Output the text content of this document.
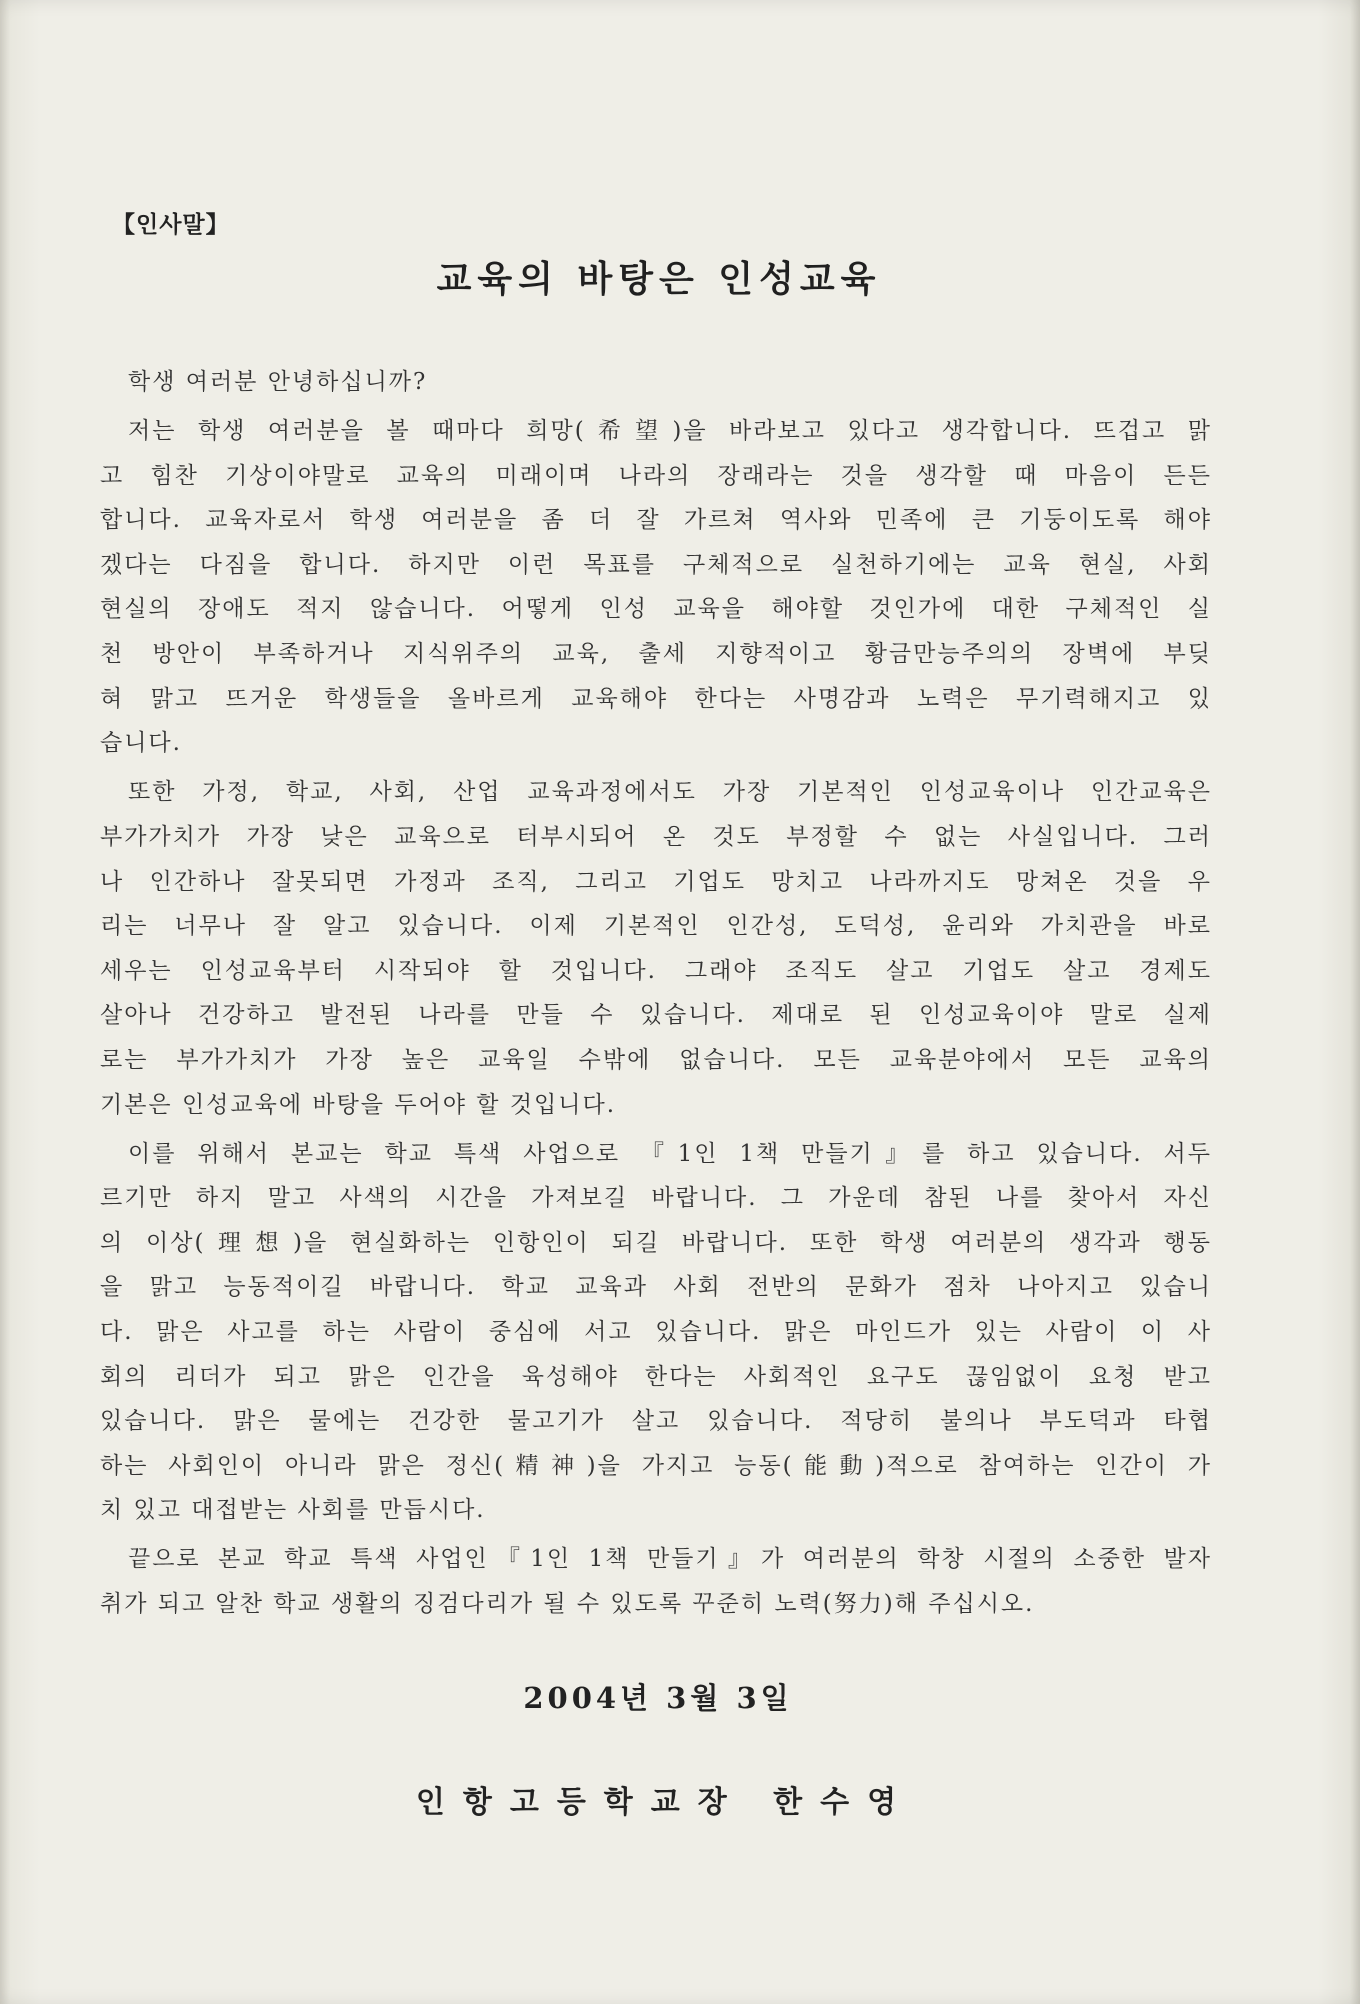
【인사말】
교육의 바탕은 인성교육
학생 여러분 안녕하십니까?
저는 학생 여러분을 볼 때마다 희망(希望)을 바라보고 있다고 생각합니다. 뜨겁고 맑
고 힘찬 기상이야말로 교육의 미래이며 나라의 장래라는 것을 생각할 때 마음이 든든
합니다. 교육자로서 학생 여러분을 좀 더 잘 가르쳐 역사와 민족에 큰 기둥이도록 해야
겠다는 다짐을 합니다. 하지만 이런 목표를 구체적으로 실천하기에는 교육 현실, 사회
현실의 장애도 적지 않습니다. 어떻게 인성 교육을 해야할 것인가에 대한 구체적인 실
천 방안이 부족하거나 지식위주의 교육, 출세 지향적이고 황금만능주의의 장벽에 부딪
혀 맑고 뜨거운 학생들을 올바르게 교육해야 한다는 사명감과 노력은 무기력해지고 있
습니다.
또한 가정, 학교, 사회, 산업 교육과정에서도 가장 기본적인 인성교육이나 인간교육은
부가가치가 가장 낮은 교육으로 터부시되어 온 것도 부정할 수 없는 사실입니다. 그러
나 인간하나 잘못되면 가정과 조직, 그리고 기업도 망치고 나라까지도 망쳐온 것을 우
리는 너무나 잘 알고 있습니다. 이제 기본적인 인간성, 도덕성, 윤리와 가치관을 바로
세우는 인성교육부터 시작되야 할 것입니다. 그래야 조직도 살고 기업도 살고 경제도
살아나 건강하고 발전된 나라를 만들 수 있습니다. 제대로 된 인성교육이야 말로 실제
로는 부가가치가 가장 높은 교육일 수밖에 없습니다. 모든 교육분야에서 모든 교육의
기본은 인성교육에 바탕을 두어야 할 것입니다.
이를 위해서 본교는 학교 특색 사업으로 『1인 1책 만들기』를 하고 있습니다. 서두
르기만 하지 말고 사색의 시간을 가져보길 바랍니다. 그 가운데 참된 나를 찾아서 자신
의 이상(理想)을 현실화하는 인항인이 되길 바랍니다. 또한 학생 여러분의 생각과 행동
을 맑고 능동적이길 바랍니다. 학교 교육과 사회 전반의 문화가 점차 나아지고 있습니
다. 맑은 사고를 하는 사람이 중심에 서고 있습니다. 맑은 마인드가 있는 사람이 이 사
회의 리더가 되고 맑은 인간을 육성해야 한다는 사회적인 요구도 끊임없이 요청 받고
있습니다. 맑은 물에는 건강한 물고기가 살고 있습니다. 적당히 불의나 부도덕과 타협
하는 사회인이 아니라 맑은 정신(精神)을 가지고 능동(能動)적으로 참여하는 인간이 가
치 있고 대접받는 사회를 만듭시다.
끝으로 본교 학교 특색 사업인『1인 1책 만들기』가 여러분의 학창 시절의 소중한 발자
취가 되고 알찬 학교 생활의 징검다리가 될 수 있도록 꾸준히 노력(努力)해 주십시오.
2004년 3월 3일
인항고등학교장 한수영
